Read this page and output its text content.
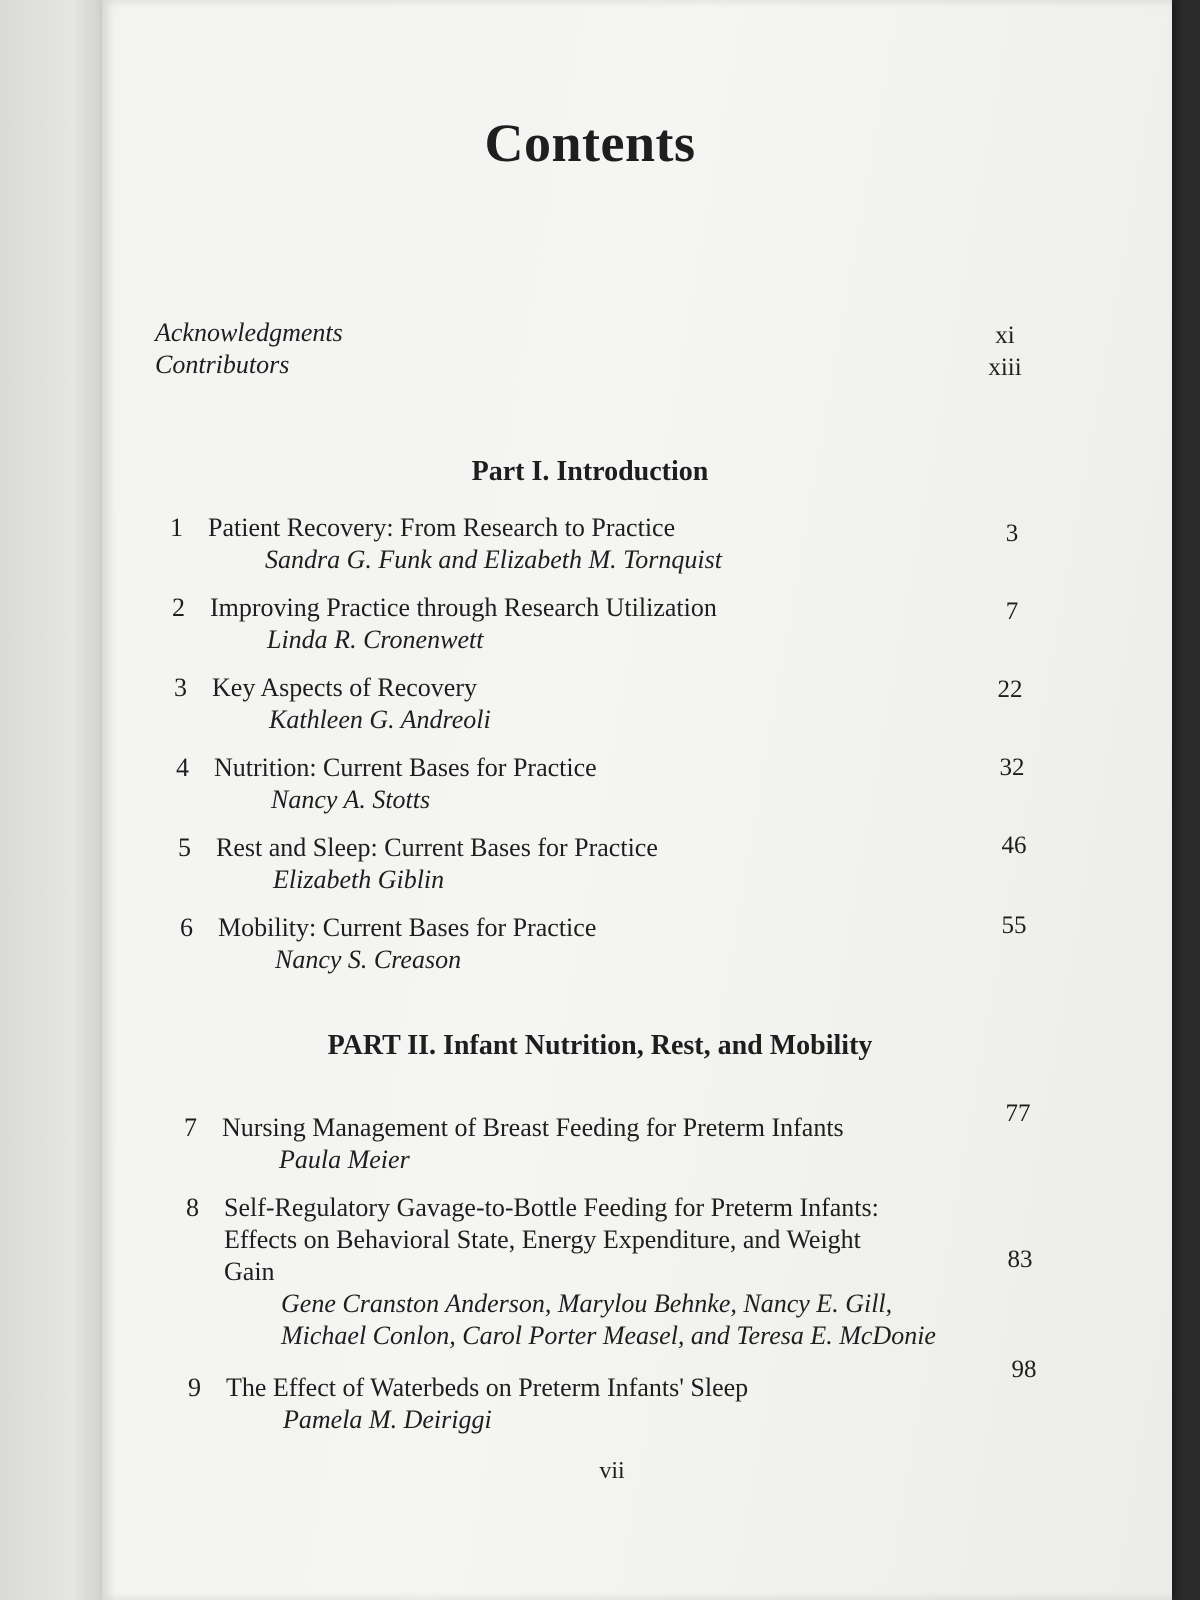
Contents
Acknowledgments	xi
Contributors	xiii
Part I. Introduction
1 Patient Recovery: From Research to Practice
Sandra G. Funk and Elizabeth M. Tornquist
3
2 Improving Practice through Research Utilization
Linda R. Cronenwett
7
3 Key Aspects of Recovery
Kathleen G. Andreoli
22
4 Nutrition: Current Bases for Practice
Nancy A. Stotts
32
5 Rest and Sleep: Current Bases for Practice
Elizabeth Giblin
46
6 Mobility: Current Bases for Practice
Nancy S. Creason
55
PART II. Infant Nutrition, Rest, and Mobility
7 Nursing Management of Breast Feeding for Preterm Infants
Paula Meier
77
8 Self-Regulatory Gavage-to-Bottle Feeding for Preterm Infants:
Effects on Behavioral State, Energy Expenditure, and Weight
Gain
Gene Cranston Anderson, Marylou Behnke, Nancy E. Gill,
Michael Conlon, Carol Porter Measel, and Teresa E. McDonie
83
9 The Effect of Waterbeds on Preterm Infants' Sleep
Pamela M. Deiriggi
98
vii
